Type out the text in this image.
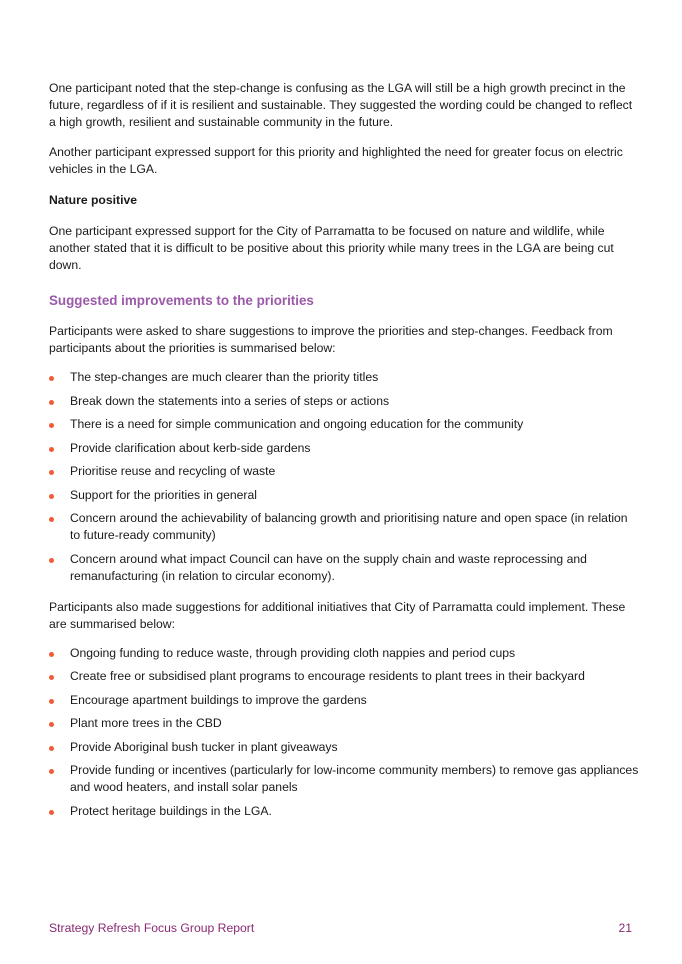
One participant noted that the step-change is confusing as the LGA will still be a high growth precinct in the future, regardless of if it is resilient and sustainable. They suggested the wording could be changed to reflect a high growth, resilient and sustainable community in the future.

Another participant expressed support for this priority and highlighted the need for greater focus on electric vehicles in the LGA.

Nature positive

One participant expressed support for the City of Parramatta to be focused on nature and wildlife, while another stated that it is difficult to be positive about this priority while many trees in the LGA are being cut down.

Suggested improvements to the priorities

Participants were asked to share suggestions to improve the priorities and step-changes. Feedback from participants about the priorities is summarised below:

The step-changes are much clearer than the priority titles
Break down the statements into a series of steps or actions
There is a need for simple communication and ongoing education for the community
Provide clarification about kerb-side gardens
Prioritise reuse and recycling of waste
Support for the priorities in general
Concern around the achievability of balancing growth and prioritising nature and open space (in relation to future-ready community)
Concern around what impact Council can have on the supply chain and waste reprocessing and remanufacturing (in relation to circular economy).

Participants also made suggestions for additional initiatives that City of Parramatta could implement. These are summarised below:

Ongoing funding to reduce waste, through providing cloth nappies and period cups
Create free or subsidised plant programs to encourage residents to plant trees in their backyard
Encourage apartment buildings to improve the gardens
Plant more trees in the CBD
Provide Aboriginal bush tucker in plant giveaways
Provide funding or incentives (particularly for low-income community members) to remove gas appliances and wood heaters, and install solar panels
Protect heritage buildings in the LGA.
Strategy Refresh Focus Group Report	21
